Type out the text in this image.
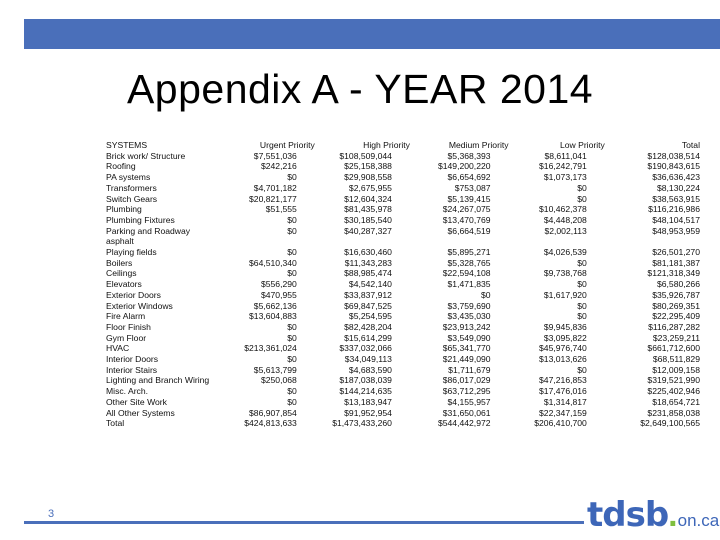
Appendix A - YEAR 2014
SYSTEMS	Urgent Priority	High Priority	Medium Priority	Low Priority	Total
Brick work/ Structure	$7,551,036	$108,509,044	$5,368,393	$8,611,041	$128,038,514
Roofing	$242,216	$25,158,388	$149,200,220	$16,242,791	$190,843,615
PA systems	$0	$29,908,558	$6,654,692	$1,073,173	$36,636,423
Transformers	$4,701,182	$2,675,955	$753,087	$0	$8,130,224
Switch Gears	$20,821,177	$12,604,324	$5,139,415	$0	$38,563,915
Plumbing	$51,555	$81,435,978	$24,267,075	$10,462,378	$116,216,986
Plumbing Fixtures	$0	$30,185,540	$13,470,769	$4,448,208	$48,104,517
Parking and Roadway asphalt	$0	$40,287,327	$6,664,519	$2,002,113	$48,953,959
Playing fields	$0	$16,630,460	$5,895,271	$4,026,539	$26,501,270
Boilers	$64,510,340	$11,343,283	$5,328,765	$0	$81,181,387
Ceilings	$0	$88,985,474	$22,594,108	$9,738,768	$121,318,349
Elevators	$556,290	$4,542,140	$1,471,835	$0	$6,580,266
Exterior Doors	$470,955	$33,837,912	$0	$1,617,920	$35,926,787
Exterior Windows	$5,662,136	$69,847,525	$3,759,690	$0	$80,269,351
Fire Alarm	$13,604,883	$5,254,595	$3,435,030	$0	$22,295,409
Floor Finish	$0	$82,428,204	$23,913,242	$9,945,836	$116,287,282
Gym Floor	$0	$15,614,299	$3,549,090	$3,095,822	$23,259,211
HVAC	$213,361,024	$337,032,066	$65,341,770	$45,976,740	$661,712,600
Interior Doors	$0	$34,049,113	$21,449,090	$13,013,626	$68,511,829
Interior Stairs	$5,613,799	$4,683,590	$1,711,679	$0	$12,009,158
Lighting and Branch Wiring	$250,068	$187,038,039	$86,017,029	$47,216,853	$319,521,990
Misc. Arch.	$0	$144,214,635	$63,712,295	$17,476,016	$225,402,946
Other Site Work	$0	$13,183,947	$4,155,957	$1,314,817	$18,654,721
All Other Systems	$86,907,854	$91,952,954	$31,650,061	$22,347,159	$231,858,038
Total	$424,813,633	$1,473,433,260	$544,442,972	$206,410,700	$2,649,100,565
3	tdsb.on.ca
